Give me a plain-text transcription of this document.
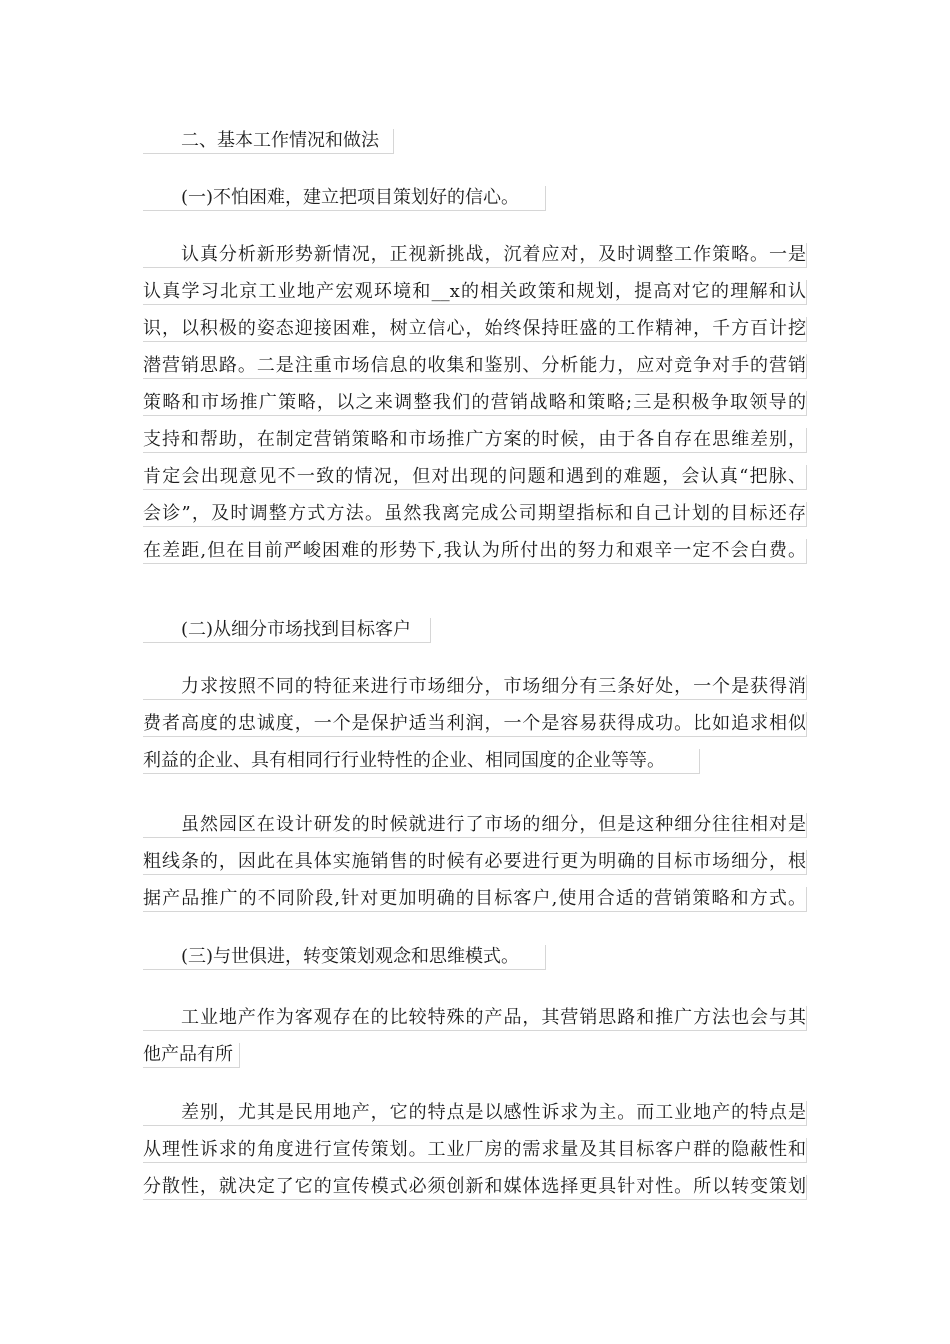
二、基本工作情况和做法
(一)不怕困难，建立把项目策划好的信心。
认真分析新形势新情况，正视新挑战，沉着应对，及时调整工作策略。一是
认真学习北京工业地产宏观环境和__x的相关政策和规划，提高对它的理解和认
识，以积极的姿态迎接困难，树立信心，始终保持旺盛的工作精神，千方百计挖
潜营销思路。二是注重市场信息的收集和鉴别、分析能力，应对竞争对手的营销
策略和市场推广策略，以之来调整我们的营销战略和策略;三是积极争取领导的
支持和帮助，在制定营销策略和市场推广方案的时候，由于各自存在思维差别，
肯定会出现意见不一致的情况，但对出现的问题和遇到的难题，会认真“把脉、
会诊”，及时调整方式方法。虽然我离完成公司期望指标和自己计划的目标还存
在差距,但在目前严峻困难的形势下,我认为所付出的努力和艰辛一定不会白费。
(二)从细分市场找到目标客户
力求按照不同的特征来进行市场细分，市场细分有三条好处，一个是获得消
费者高度的忠诚度，一个是保护适当利润，一个是容易获得成功。比如追求相似
利益的企业、具有相同行行业特性的企业、相同国度的企业等等。
虽然园区在设计研发的时候就进行了市场的细分，但是这种细分往往相对是
粗线条的，因此在具体实施销售的时候有必要进行更为明确的目标市场细分，根
据产品推广的不同阶段,针对更加明确的目标客户,使用合适的营销策略和方式。
(三)与世俱进，转变策划观念和思维模式。
工业地产作为客观存在的比较特殊的产品，其营销思路和推广方法也会与其
他产品有所
差别，尤其是民用地产，它的特点是以感性诉求为主。而工业地产的特点是
从理性诉求的角度进行宣传策划。工业厂房的需求量及其目标客户群的隐蔽性和
分散性，就决定了它的宣传模式必须创新和媒体选择更具针对性。所以转变策划
